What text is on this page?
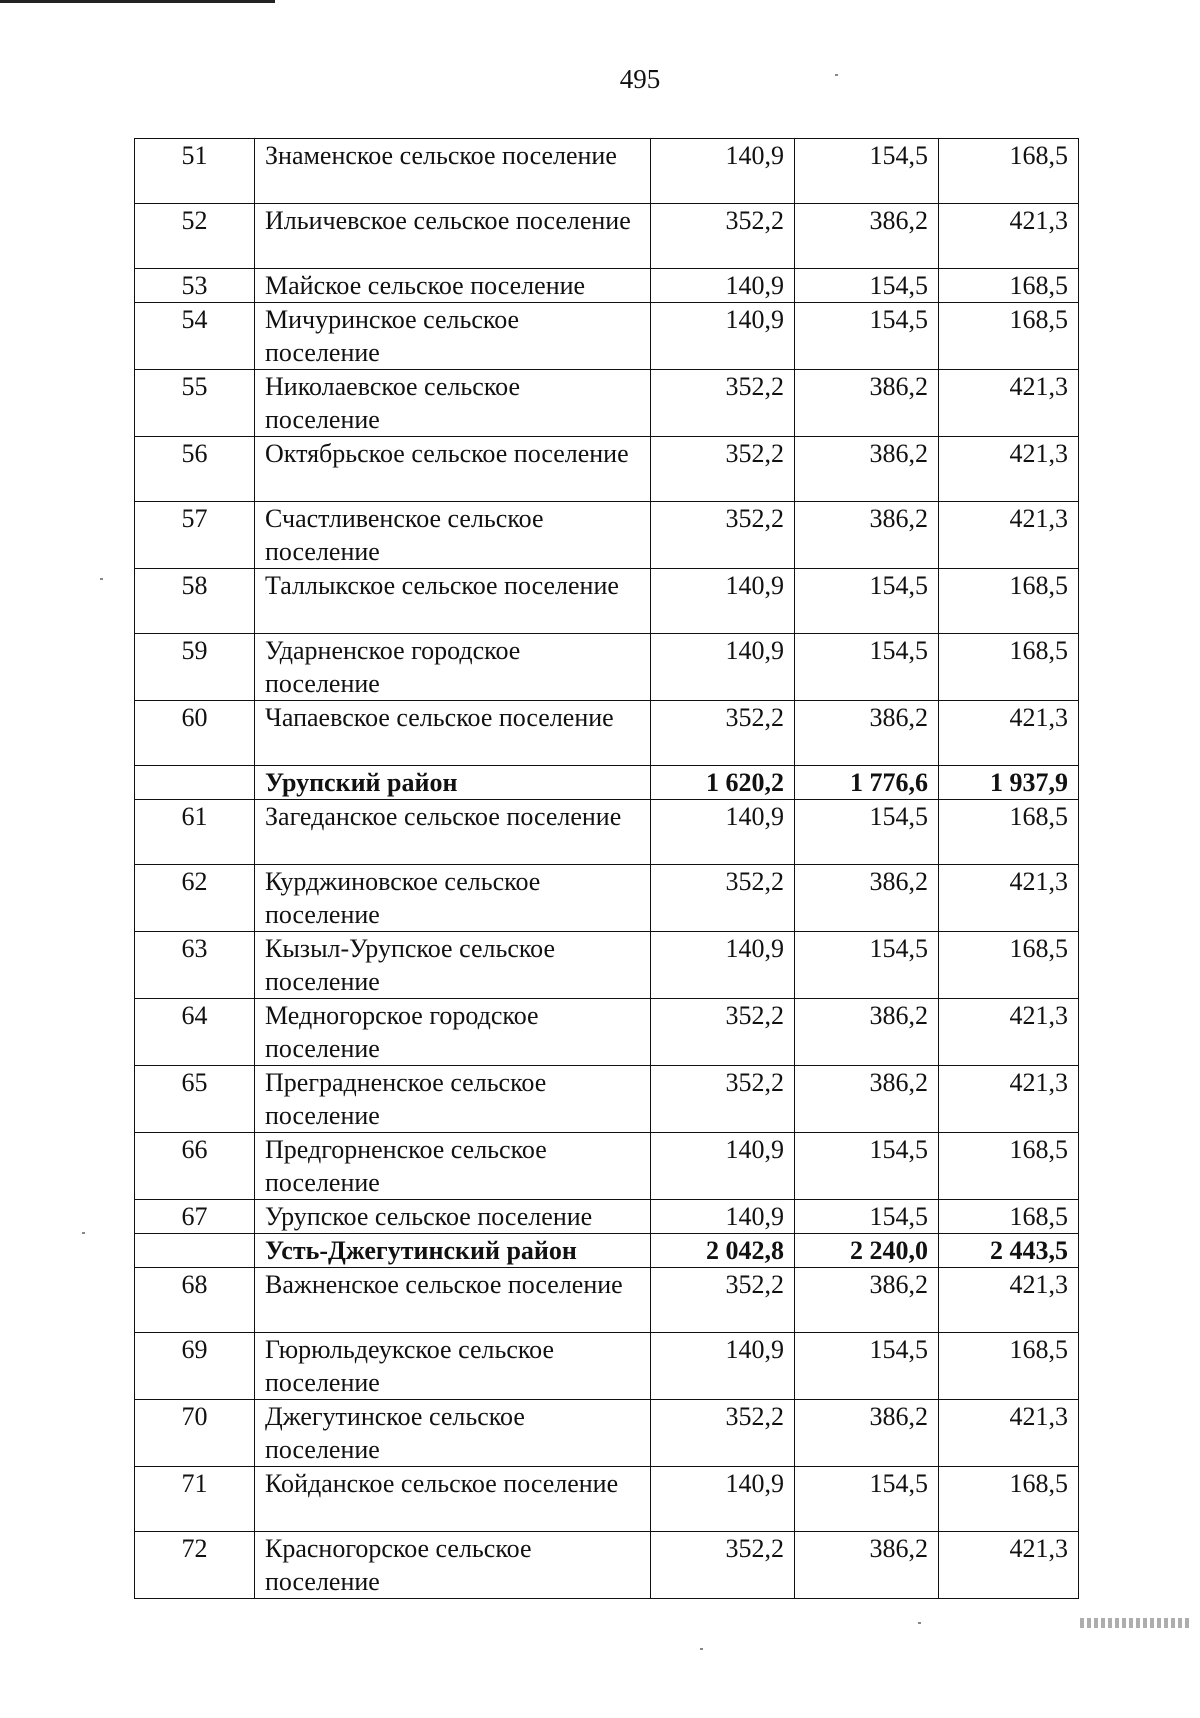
495
51	Знаменское сельское поселение	140,9	154,5	168,5
52	Ильичевское сельское поселение	352,2	386,2	421,3
53	Майское сельское поселение	140,9	154,5	168,5
54	Мичуринское сельское поселение	140,9	154,5	168,5
55	Николаевское сельское поселение	352,2	386,2	421,3
56	Октябрьское сельское поселение	352,2	386,2	421,3
57	Счастливенское сельское поселение	352,2	386,2	421,3
58	Таллыкское сельское поселение	140,9	154,5	168,5
59	Ударненское городское поселение	140,9	154,5	168,5
60	Чапаевское сельское поселение	352,2	386,2	421,3
	Урупский район	1 620,2	1 776,6	1 937,9
61	Загеданское сельское поселение	140,9	154,5	168,5
62	Курджиновское сельское поселение	352,2	386,2	421,3
63	Кызыл-Урупское сельское поселение	140,9	154,5	168,5
64	Медногорское городское поселение	352,2	386,2	421,3
65	Преградненское сельское поселение	352,2	386,2	421,3
66	Предгорненское сельское поселение	140,9	154,5	168,5
67	Урупское сельское поселение	140,9	154,5	168,5
	Усть-Джегутинский район	2 042,8	2 240,0	2 443,5
68	Важненское сельское поселение	352,2	386,2	421,3
69	Гюрюльдеукское сельское поселение	140,9	154,5	168,5
70	Джегутинское сельское поселение	352,2	386,2	421,3
71	Койданское сельское поселение	140,9	154,5	168,5
72	Красногорское сельское поселение	352,2	386,2	421,3
